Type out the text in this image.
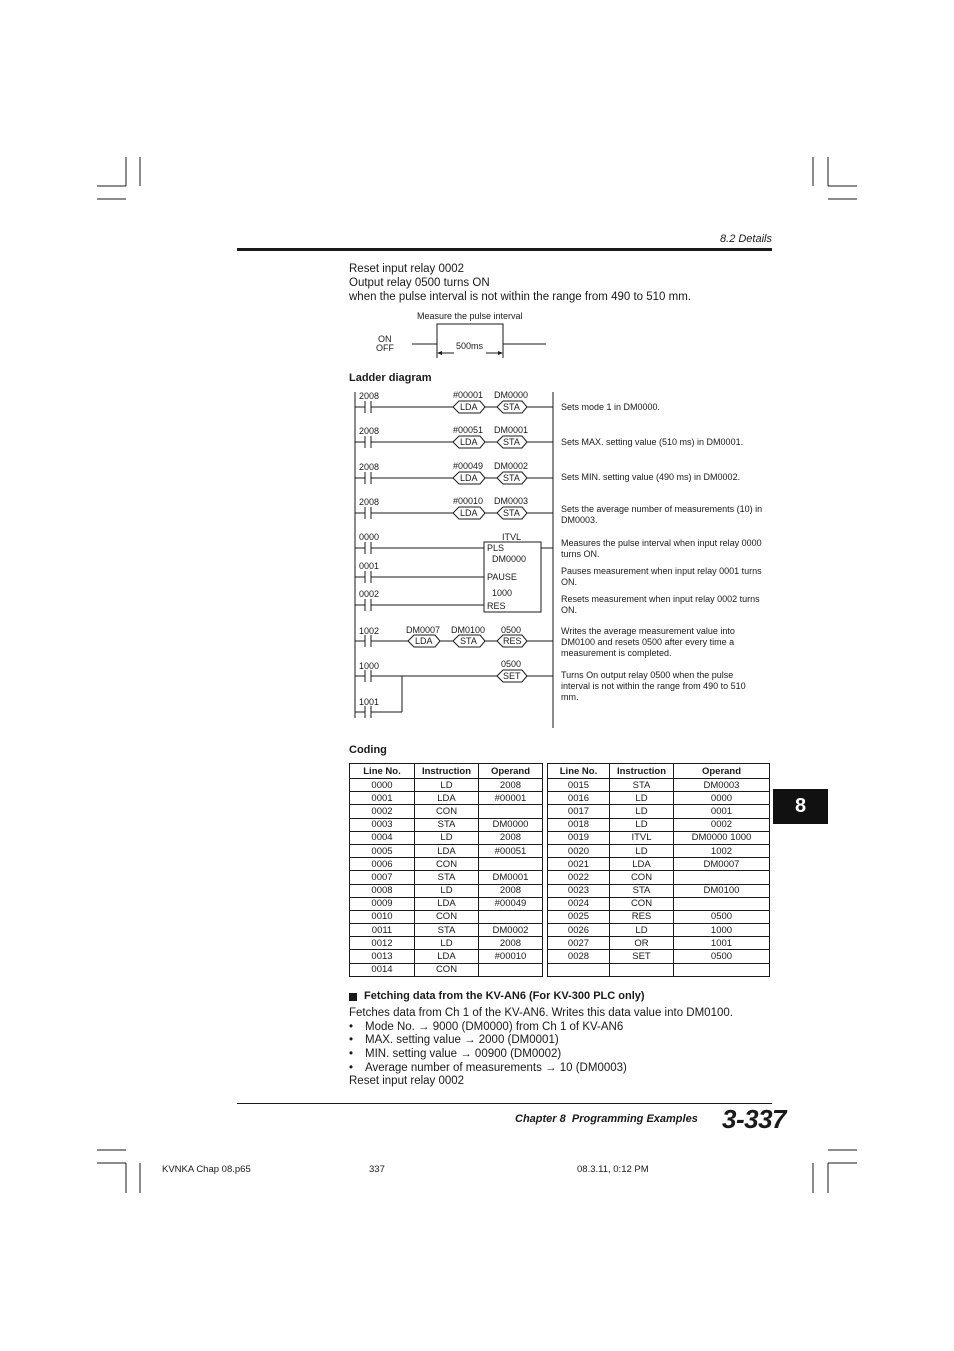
8.2 Details
Reset input relay 0002
Output relay 0500 turns ON
when the pulse interval is not within the range from 490 to 510 mm.
Measure the pulse interval
ON
OFF	500ms
Ladder diagram
2008	#00001 DM0000
LDA	STA	Sets mode 1 in DM0000.
2008	#00051 DM0001
LDA	STA	Sets MAX. setting value (510 ms) in DM0001.
2008	#00049 DM0002
LDA	STA	Sets MIN. setting value (490 ms) in DM0002.
2008	#00010 DM0003
LDA	STA	Sets the average number of measurements (10) in DM0003.
0000
0001
0002
ITVL
PLS
DM0000
PAUSE
1000
RES
Measures the pulse interval when input relay 0000 turns ON.
Pauses measurement when input relay 0001 turns ON.
Resets measurement when input relay 0002 turns ON.
1002	DM0007 DM0100 0500
LDA	STA	RES
Writes the average measurement value into DM0100 and resets 0500 after every time a measurement is completed.
1000
1001
0500
SET	Turns On output relay 0500 when the pulse interval is not within the range from 490 to 510 mm.
Coding
Line No.	Instruction	Operand		Line No.	Instruction	Operand
0000	LD	2008		0015	STA	DM0003
0001	LDA	#00001		0016	LD	0000
0002	CON			0017	LD	0001
0003	STA	DM0000		0018	LD	0002
0004	LD	2008		0019	ITVL	DM0000 1000
0005	LDA	#00051		0020	LD	1002
0006	CON			0021	LDA	DM0007
0007	STA	DM0001		0022	CON	
0008	LD	2008		0023	STA	DM0100
0009	LDA	#00049		0024	CON	
0010	CON			0025	RES	0500
0011	STA	DM0002		0026	LD	1000
0012	LD	2008		0027	OR	1001
0013	LDA	#00010		0028	SET	0500
0014	CON					
8
Fetching data from the KV-AN6 (For KV-300 PLC only)
Fetches data from Ch 1 of the KV-AN6. Writes this data value into DM0100.
• Mode No. → 9000 (DM0000) from Ch 1 of KV-AN6
• MAX. setting value → 2000 (DM0001)
• MIN. setting value → 00900 (DM0002)
• Average number of measurements → 10 (DM0003)
Reset input relay 0002
Chapter 8 Programming Examples 3-337
KVNKA Chap 08.p65	337	08.3.11, 0:12 PM
